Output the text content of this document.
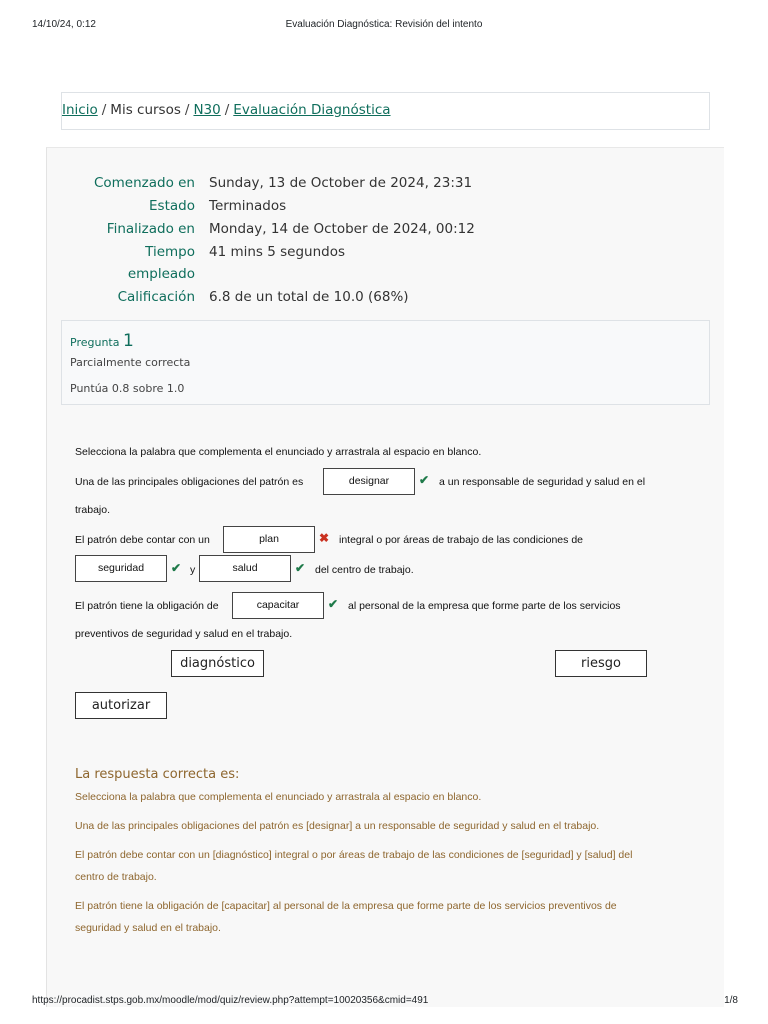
14/10/24, 0:12	Evaluación Diagnóstica: Revisión del intento
Inicio / Mis cursos / N30 / Evaluación Diagnóstica
Comenzado en Sunday, 13 de October de 2024, 23:31
Estado Terminados
Finalizado en Monday, 14 de October de 2024, 00:12
Tiempo 41 mins 5 segundos
empleado
Calificación 6.8 de un total de 10.0 (68%)
Pregunta 1
Parcialmente correcta
Puntúa 0.8 sobre 1.0
Selecciona la palabra que complementa el enunciado y arrastrala al espacio en blanco.
Una de las principales obligaciones del patrón es	designar	✔ a un responsable de seguridad y salud en el
trabajo.
El patrón debe contar con un	plan	✖ integral o por áreas de trabajo de las condiciones de
seguridad	✔ y	salud	✔ del centro de trabajo.
El patrón tiene la obligación de	capacitar	✔ al personal de la empresa que forme parte de los servicios
preventivos de seguridad y salud en el trabajo.
diagnóstico	riesgo
autorizar
La respuesta correcta es:
Selecciona la palabra que complementa el enunciado y arrastrala al espacio en blanco.
Una de las principales obligaciones del patrón es [designar] a un responsable de seguridad y salud en el trabajo.
El patrón debe contar con un [diagnóstico] integral o por áreas de trabajo de las condiciones de [seguridad] y [salud] del
centro de trabajo.
El patrón tiene la obligación de [capacitar] al personal de la empresa que forme parte de los servicios preventivos de
seguridad y salud en el trabajo.
https://procadist.stps.gob.mx/moodle/mod/quiz/review.php?attempt=10020356&cmid=491	1/8
